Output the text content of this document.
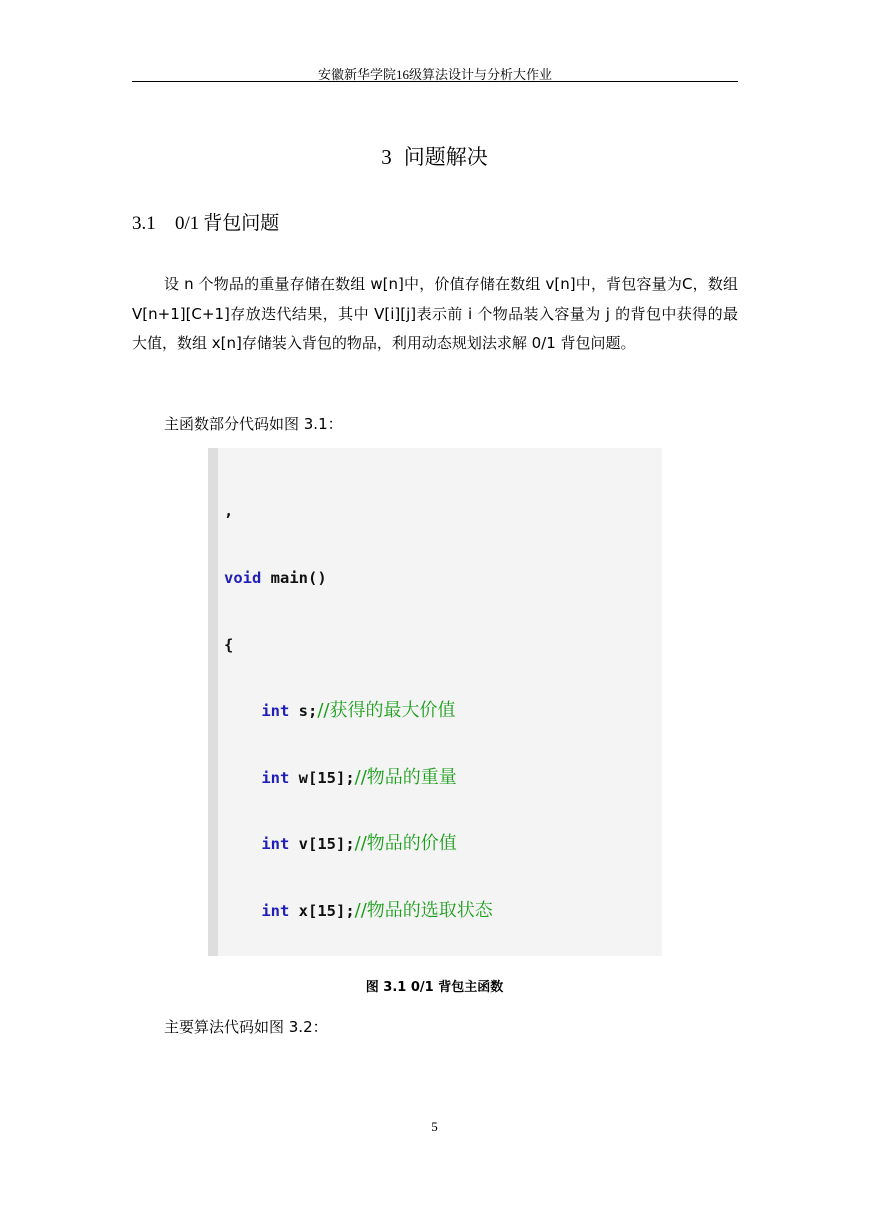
安徽新华学院16级算法设计与分析大作业
3 问题解决
3.1 0/1 背包问题
设 n 个物品的重量存储在数组 w[n]中，价值存储在数组 v[n]中，背包容量为C，数组 V[n+1][C+1]存放迭代结果，其中 V[i][j]表示前 i 个物品装入容量为 j 的背包中获得的最大值，数组 x[n]存储装入背包的物品，利用动态规划法求解 0/1 背包问题。
主函数部分代码如图 3.1：

,

void main()

{

int s;//获得的最大价值

int w[15];//物品的重量

int v[15];//物品的价值

int x[15];//物品的选取状态

图 3.1 0/1 背包主函数
主要算法代码如图 3.2：
5
